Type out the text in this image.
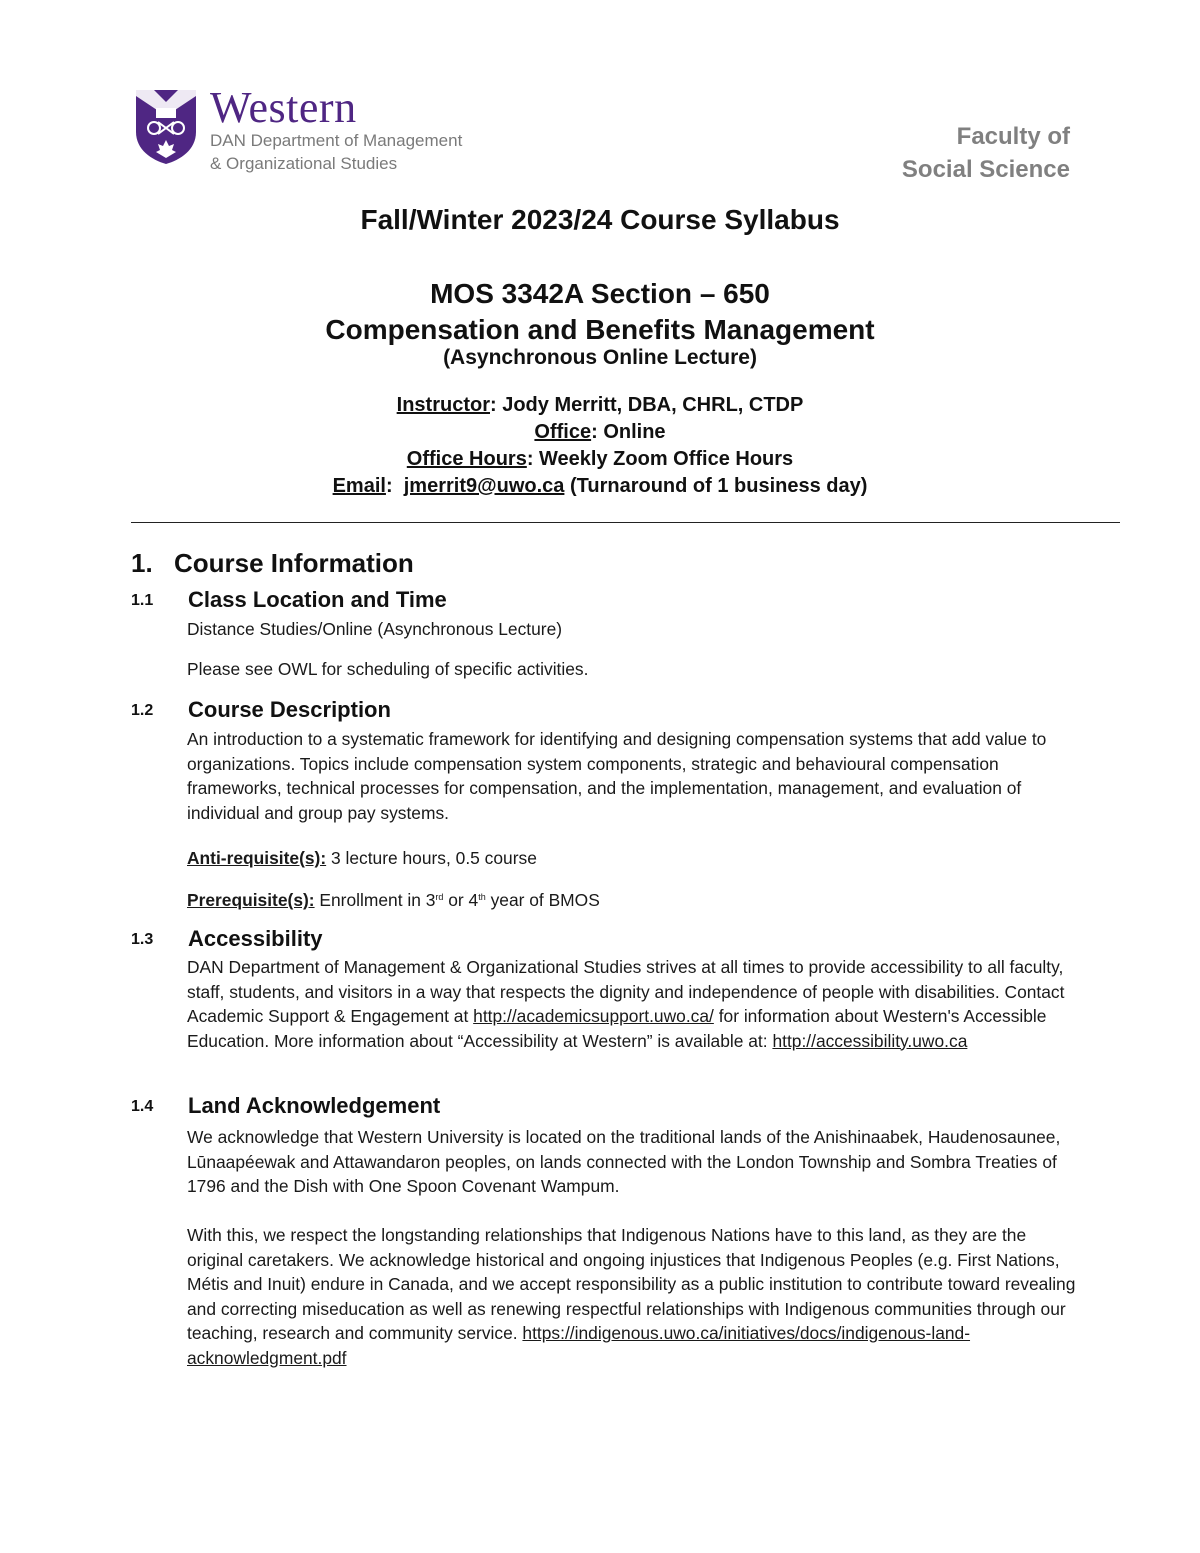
Western
DAN Department of Management
& Organizational Studies
Faculty of
Social Science
Fall/Winter 2023/24 Course Syllabus
MOS 3342A Section – 650
Compensation and Benefits Management
(Asynchronous Online Lecture)
Instructor: Jody Merritt, DBA, CHRL, CTDP
Office: Online
Office Hours: Weekly Zoom Office Hours
Email:  jmerrit9@uwo.ca (Turnaround of 1 business day)
1. Course Information
1.1 Class Location and Time
Distance Studies/Online (Asynchronous Lecture)
Please see OWL for scheduling of specific activities.
1.2 Course Description
An introduction to a systematic framework for identifying and designing compensation systems that add value to organizations. Topics include compensation system components, strategic and behavioural compensation frameworks, technical processes for compensation, and the implementation, management, and evaluation of individual and group pay systems.
Anti-requisite(s): 3 lecture hours, 0.5 course
Prerequisite(s): Enrollment in 3rd or 4th year of BMOS
1.3 Accessibility
DAN Department of Management & Organizational Studies strives at all times to provide accessibility to all faculty, staff, students, and visitors in a way that respects the dignity and independence of people with disabilities. Contact Academic Support & Engagement at http://academicsupport.uwo.ca/ for information about Western's Accessible Education. More information about “Accessibility at Western” is available at: http://accessibility.uwo.ca
1.4 Land Acknowledgement
We acknowledge that Western University is located on the traditional lands of the Anishinaabek, Haudenosaunee, Lūnaapéewak and Attawandaron peoples, on lands connected with the London Township and Sombra Treaties of 1796 and the Dish with One Spoon Covenant Wampum.
With this, we respect the longstanding relationships that Indigenous Nations have to this land, as they are the original caretakers. We acknowledge historical and ongoing injustices that Indigenous Peoples (e.g. First Nations, Métis and Inuit) endure in Canada, and we accept responsibility as a public institution to contribute toward revealing and correcting miseducation as well as renewing respectful relationships with Indigenous communities through our teaching, research and community service. https://indigenous.uwo.ca/initiatives/docs/indigenous-land-acknowledgment.pdf
